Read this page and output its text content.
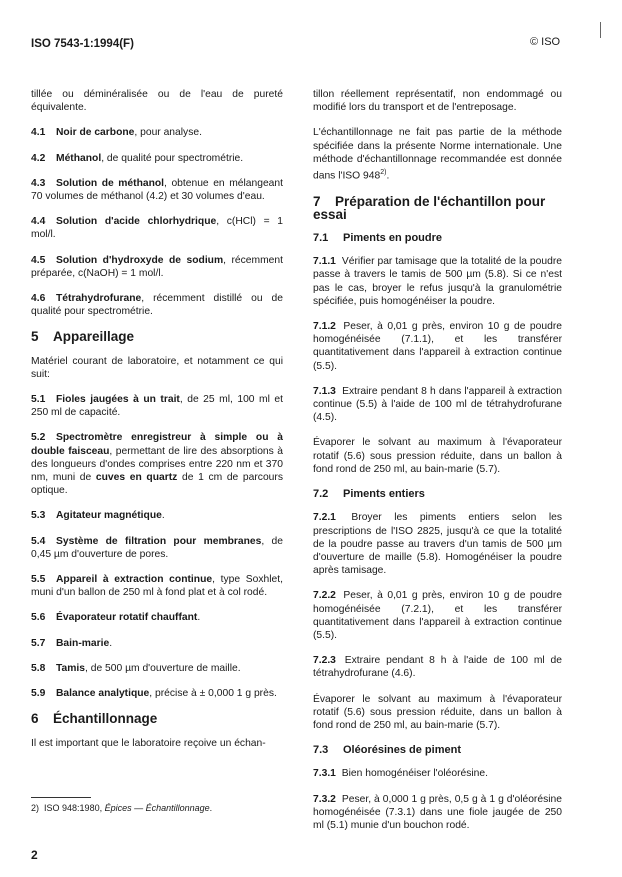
ISO 7543-1:1994(F)	© ISO

tillée ou déminéralisée ou de l'eau de pureté équivalente.

4.1 Noir de carbone, pour analyse.

4.2 Méthanol, de qualité pour spectrométrie.

4.3 Solution de méthanol, obtenue en mélangeant 70 volumes de méthanol (4.2) et 30 volumes d'eau.

4.4 Solution d'acide chlorhydrique, c(HCl) = 1 mol/l.

4.5 Solution d'hydroxyde de sodium, récemment préparée, c(NaOH) = 1 mol/l.

4.6 Tétrahydrofurane, récemment distillé ou de qualité pour spectrométrie.

5 Appareillage

Matériel courant de laboratoire, et notamment ce qui suit:

5.1 Fioles jaugées à un trait, de 25 ml, 100 ml et 250 ml de capacité.

5.2 Spectromètre enregistreur à simple ou à double faisceau, permettant de lire des absorptions à des longueurs d'ondes comprises entre 220 nm et 370 nm, muni de cuves en quartz de 1 cm de parcours optique.

5.3 Agitateur magnétique.

5.4 Système de filtration pour membranes, de 0,45 µm d'ouverture de pores.

5.5 Appareil à extraction continue, type Soxhlet, muni d'un ballon de 250 ml à fond plat et à col rodé.

5.6 Évaporateur rotatif chauffant.

5.7 Bain-marie.

5.8 Tamis, de 500 µm d'ouverture de maille.

5.9 Balance analytique, précise à ± 0,000 1 g près.

6 Échantillonnage

Il est important que le laboratoire reçoive un échan-

tillon réellement représentatif, non endommagé ou modifié lors du transport et de l'entreposage.

L'échantillonnage ne fait pas partie de la méthode spécifiée dans la présente Norme internationale. Une méthode d'échantillonnage recommandée est donnée dans l'ISO 948$^{2)}$.

7 Préparation de l'échantillon pour essai
7.1 Piments en poudre

7.1.1 Vérifier par tamisage que la totalité de la poudre passe à travers le tamis de 500 µm (5.8). Si ce n'est pas le cas, broyer le refus jusqu'à la granulométrie spécifiée, puis homogénéiser la poudre.

7.1.2 Peser, à 0,01 g près, environ 10 g de poudre homogénéisée (7.1.1), et les transférer quantitativement dans l'appareil à extraction continue (5.5).

7.1.3 Extraire pendant 8 h dans l'appareil à extraction continue (5.5) à l'aide de 100 ml de tétrahydrofurane (4.5).

Évaporer le solvant au maximum à l'évaporateur rotatif (5.6) sous pression réduite, dans un ballon à fond rond de 250 ml, au bain-marie (5.7).

7.2 Piments entiers

7.2.1 Broyer les piments entiers selon les prescriptions de l'ISO 2825, jusqu'à ce que la totalité de la poudre passe au travers d'un tamis de 500 µm d'ouverture de maille (5.8). Homogénéiser la poudre après tamisage.

7.2.2 Peser, à 0,01 g près, environ 10 g de poudre homogénéisée (7.2.1), et les transférer quantitativement dans l'appareil à extraction continue (5.5).

7.2.3 Extraire pendant 8 h à l'aide de 100 ml de tétrahydrofurane (4.6).

Évaporer le solvant au maximum à l'évaporateur rotatif (5.6) sous pression réduite, dans un ballon à fond rond de 250 ml, au bain-marie (5.7).

7.3 Oléorésines de piment

7.3.1 Bien homogénéiser l'oléorésine.

7.3.2 Peser, à 0,000 1 g près, 0,5 g à 1 g d'oléorésine homogénéisée (7.3.1) dans une fiole jaugée de 250 ml (5.1) munie d'un bouchon rodé.

2) ISO 948:1980, Épices — Échantillonnage.
2
